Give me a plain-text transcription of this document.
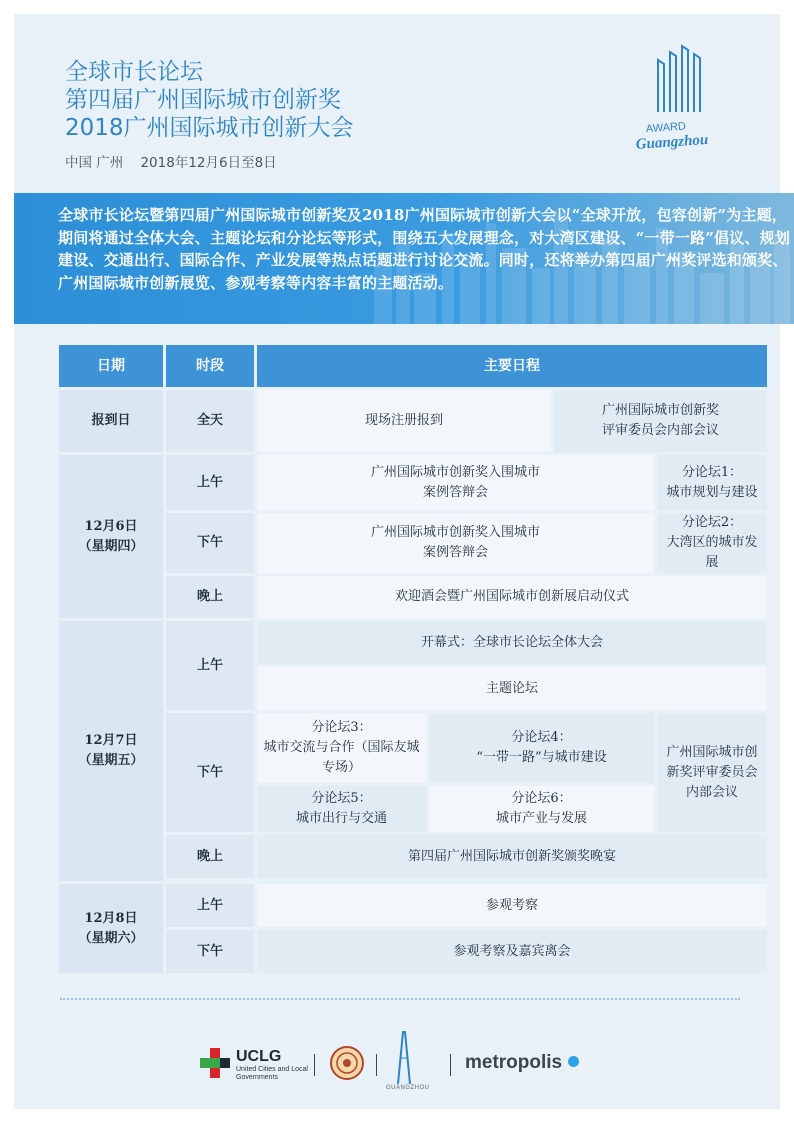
全球市长论坛
第四届广州国际城市创新奖
2018广州国际城市创新大会
中国 广州    2018年12月6日至8日
AWARD
Guangzhou
全球市长论坛暨第四届广州国际城市创新奖及2018广州国际城市创新大会以“全球开放，包容创新”为主题，期间将通过全体大会、主题论坛和分论坛等形式，围绕五大发展理念，对大湾区建设、“一带一路”倡议、规划建设、交通出行、国际合作、产业发展等热点话题进行讨论交流。同时，还将举办第四届广州奖评选和颁奖、广州国际城市创新展览、参观考察等内容丰富的主题活动。
日期	时段	主要日程			
报到日	全天	现场注册报到		广州国际城市创新奖
评审委员会内部会议	
12月6日
（星期四）	上午	广州国际城市创新奖入围城市
案例答辩会			分论坛1：
城市规划与建设
	下午	广州国际城市创新奖入围城市
案例答辩会			分论坛2：
大湾区的城市发展
	晚上	欢迎酒会暨广州国际城市创新展启动仪式			
12月7日
（星期五）	上午	开幕式：全球市长论坛全体大会			
		主题论坛			
	下午	分论坛3：
城市交流与合作（国际友城专场）	分论坛4：
“一带一路”与城市建设		广州国际城市创新奖评审委员会内部会议
		分论坛5：
城市出行与交通	分论坛6：
城市产业与发展		
	晚上	第四届广州国际城市创新奖颁奖晚宴			

12月8日
（星期六）	上午	参观考察			
	下午	参观考察及嘉宾离会			
UCLG
United Cities and Local Governments
GUANGZHOU
metropolis
